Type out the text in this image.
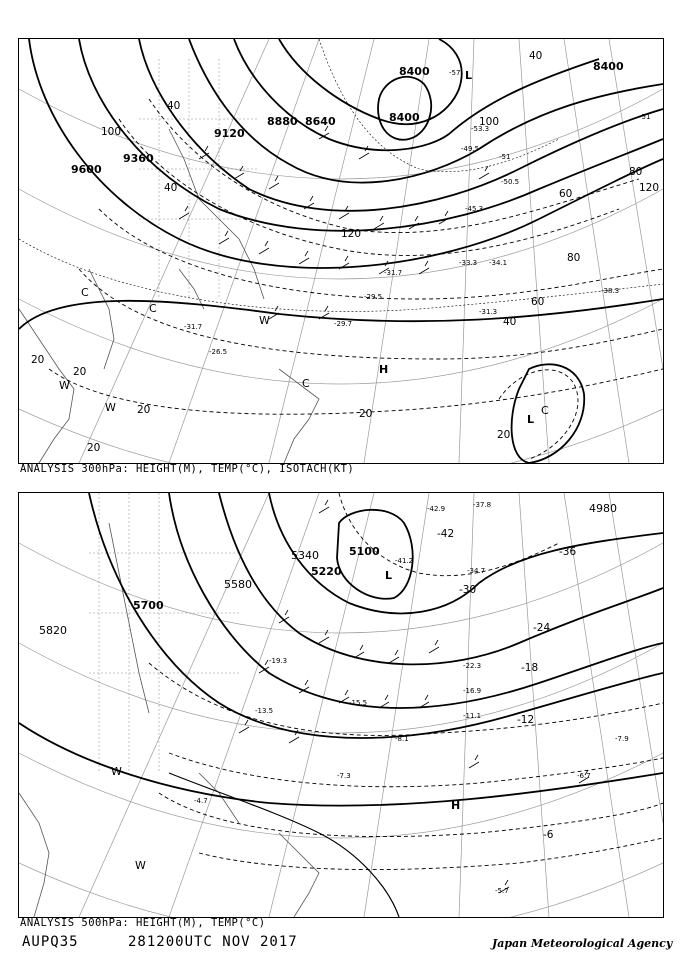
9600
9360
9120
8880 8640
8400
8400
8400
40
100
40
120
100
60
80
120
80
60
40
20
20
20
20
20
40
20
-33.3 -34.1
-31.7
-29.5
-31.3
-31.7	-29.7
-26.5
-50.5
-45.3
-38.3
-49.5
-51
-57
-51
-53.3
L
L
H
C
C
C
C
W
W
W
ANALYSIS 300hPa: HEIGHT(M), TEMP(°C), ISOTACH(KT)
5100
5220
5340
5580
5700
5820
4980
-42
-36
-30
-24
-18
-12
-6
-42.9
-41.2
-37.8
-34.7
-22.3
-16.9
-11.1
-8.1
-7.3
-4.7
-5.7
-6.7
-7.9
-13.5
-15.5
-19.3
L
H
W
W
ANALYSIS 500hPa: HEIGHT(M), TEMP(°C)
AUPQ35	281200UTC NOV 2017	Japan Meteorological Agency
